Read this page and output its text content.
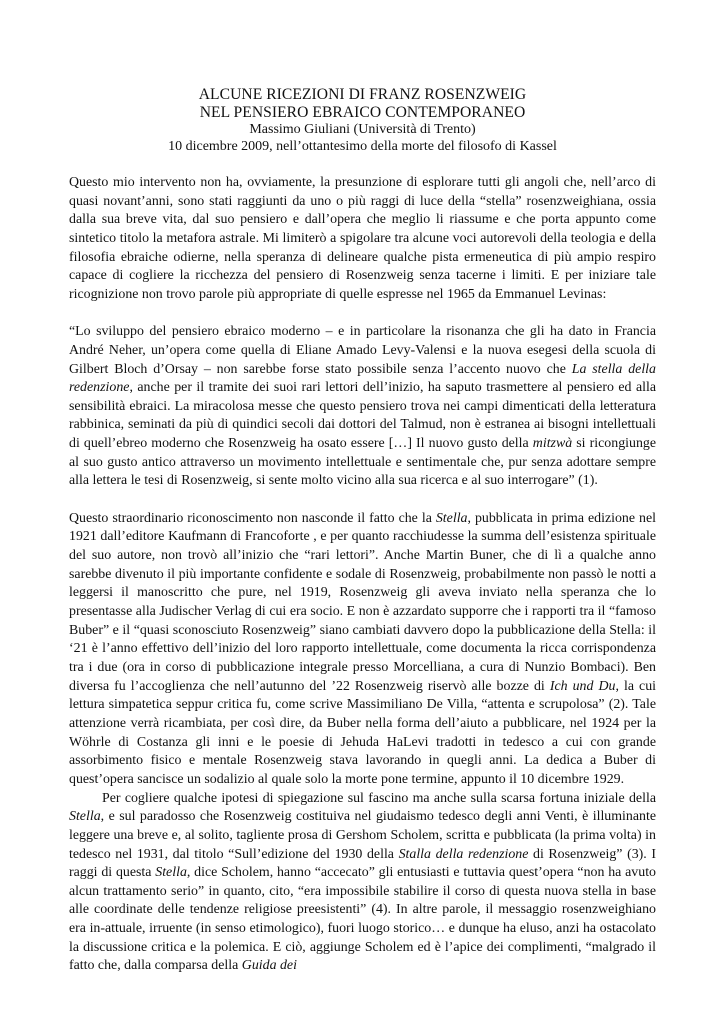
ALCUNE RICEZIONI DI FRANZ ROSENZWEIG
NEL PENSIERO EBRAICO CONTEMPORANEO
Massimo Giuliani (Università di Trento)
10 dicembre 2009, nell’ottantesimo della morte del filosofo di Kassel

Questo mio intervento non ha, ovviamente, la presunzione di esplorare tutti gli angoli che, nell’arco di quasi novant’anni, sono stati raggiunti da uno o più raggi di luce della “stella” rosenzweighiana, ossia dalla sua breve vita, dal suo pensiero e dall’opera che meglio li riassume e che porta appunto come sintetico titolo la metafora astrale. Mi limiterò a spigolare tra alcune voci autorevoli della teologia e della filosofia ebraiche odierne, nella speranza di delineare qualche pista ermeneutica di più ampio respiro capace di cogliere la ricchezza del pensiero di Rosenzweig senza tacerne i limiti. E per iniziare tale ricognizione non trovo parole più appropriate di quelle espresse nel 1965 da Emmanuel Levinas:

“Lo sviluppo del pensiero ebraico moderno – e in particolare la risonanza che gli ha dato in Francia André Neher, un’opera come quella di Eliane Amado Levy-Valensi e la nuova esegesi della scuola di Gilbert Bloch d’Orsay – non sarebbe forse stato possibile senza l’accento nuovo che La stella della redenzione, anche per il tramite dei suoi rari lettori dell’inizio, ha saputo trasmettere al pensiero ed alla sensibilità ebraici. La miracolosa messe che questo pensiero trova nei campi dimenticati della letteratura rabbinica, seminati da più di quindici secoli dai dottori del Talmud, non è estranea ai bisogni intellettuali di quell’ebreo moderno che Rosenzweig ha osato essere […] Il nuovo gusto della mitzwà si ricongiunge al suo gusto antico attraverso un movimento intellettuale e sentimentale che, pur senza adottare sempre alla lettera le tesi di Rosenzweig, si sente molto vicino alla sua ricerca e al suo interrogare” (1).

Questo straordinario riconoscimento non nasconde il fatto che la Stella, pubblicata in prima edizione nel 1921 dall’editore Kaufmann di Francoforte , e per quanto racchiudesse la summa dell’esistenza spirituale del suo autore, non trovò all’inizio che “rari lettori”. Anche Martin Buner, che di lì a qualche anno sarebbe divenuto il più importante confidente e sodale di Rosenzweig, probabilmente non passò le notti a leggersi il manoscritto che pure, nel 1919, Rosenzweig gli aveva inviato nella speranza che lo presentasse alla Judischer Verlag di cui era socio. E non è azzardato supporre che i rapporti tra il “famoso Buber” e il “quasi sconosciuto Rosenzweig” siano cambiati davvero dopo la pubblicazione della Stella: il ‘21 è l’anno effettivo dell’inizio del loro rapporto intellettuale, come documenta la ricca corrispondenza tra i due (ora in corso di pubblicazione integrale presso Morcelliana, a cura di Nunzio Bombaci). Ben diversa fu l’accoglienza che nell’autunno del ’22 Rosenzweig riservò alle bozze di Ich und Du, la cui lettura simpatetica seppur critica fu, come scrive Massimiliano De Villa, “attenta e scrupolosa” (2). Tale attenzione verrà ricambiata, per così dire, da Buber nella forma dell’aiuto a pubblicare, nel 1924 per la Wöhrle di Costanza gli inni e le poesie di Jehuda HaLevi tradotti in tedesco a cui con grande assorbimento fisico e mentale Rosenzweig stava lavorando in quegli anni. La dedica a Buber di quest’opera sancisce un sodalizio al quale solo la morte pone termine, appunto il 10 dicembre 1929.

Per cogliere qualche ipotesi di spiegazione sul fascino ma anche sulla scarsa fortuna iniziale della Stella, e sul paradosso che Rosenzweig costituiva nel giudaismo tedesco degli anni Venti, è illuminante leggere una breve e, al solito, tagliente prosa di Gershom Scholem, scritta e pubblicata (la prima volta) in tedesco nel 1931, dal titolo “Sull’edizione del 1930 della Stalla della redenzione di Rosenzweig” (3). I raggi di questa Stella, dice Scholem, hanno “accecato” gli entusiasti e tuttavia quest’opera “non ha avuto alcun trattamento serio” in quanto, cito, “era impossibile stabilire il corso di questa nuova stella in base alle coordinate delle tendenze religiose preesistenti” (4). In altre parole, il messaggio rosenzweighiano era in-attuale, irruente (in senso etimologico), fuori luogo storico… e dunque ha eluso, anzi ha ostacolato la discussione critica e la polemica. E ciò, aggiunge Scholem ed è l’apice dei complimenti, “malgrado il fatto che, dalla comparsa della Guida dei
